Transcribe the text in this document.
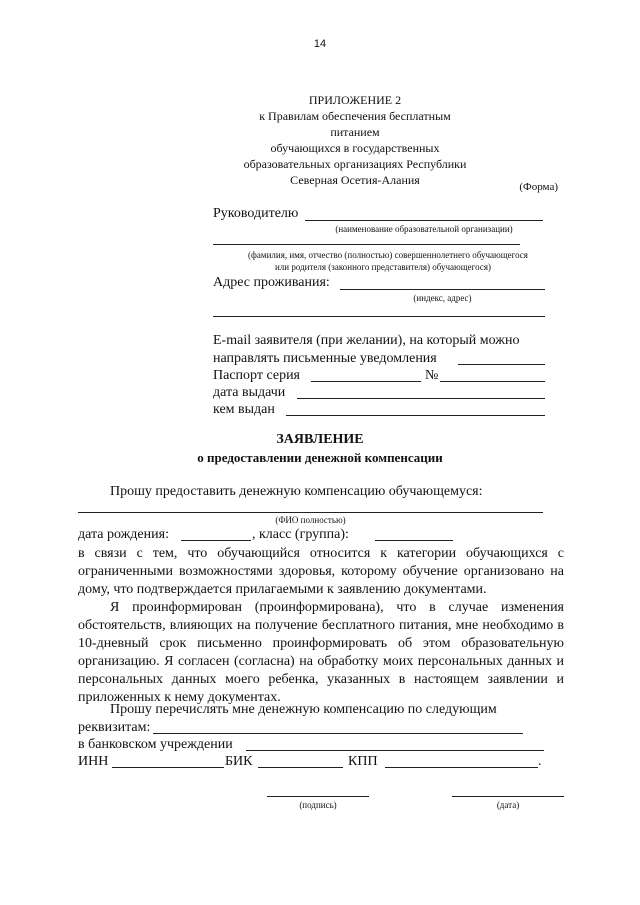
14
ПРИЛОЖЕНИЕ 2
к Правилам обеспечения бесплатным питанием
обучающихся в государственных
образовательных организациях Республики
Северная Осетия-Алания	(Форма)
Руководителю
(наименование образовательной организации)
(фамилия, имя, отчество (полностью) совершеннолетнего обучающегося
или родителя (законного представителя) обучающегося)
Адрес проживания:
(индекс, адрес)
E-mail заявителя (при желании), на который можно
направлять письменные уведомления
Паспорт серия	№
дата выдачи
кем выдан
ЗАЯВЛЕНИЕ
о предоставлении денежной компенсации
Прошу предоставить денежную компенсацию обучающемуся:
(ФИО полностью)
дата рождения:	, класс (группа):
в связи с тем, что обучающийся относится к категории обучающихся с ограниченными возможностями здоровья, которому обучение организовано на дому, что подтверждается прилагаемыми к заявлению документами.
Я проинформирован (проинформирована), что в случае изменения обстоятельств, влияющих на получение бесплатного питания, мне необходимо в 10-дневный срок письменно проинформировать об этом образовательную организацию. Я согласен (согласна) на обработку моих персональных данных и персональных данных моего ребенка, указанных в настоящем заявлении и приложенных к нему документах.
Прошу перечислять мне денежную компенсацию по следующим
реквизитам:
в банковском учреждении
ИНН	БИК	КПП	.
(подпись)	(дата)
